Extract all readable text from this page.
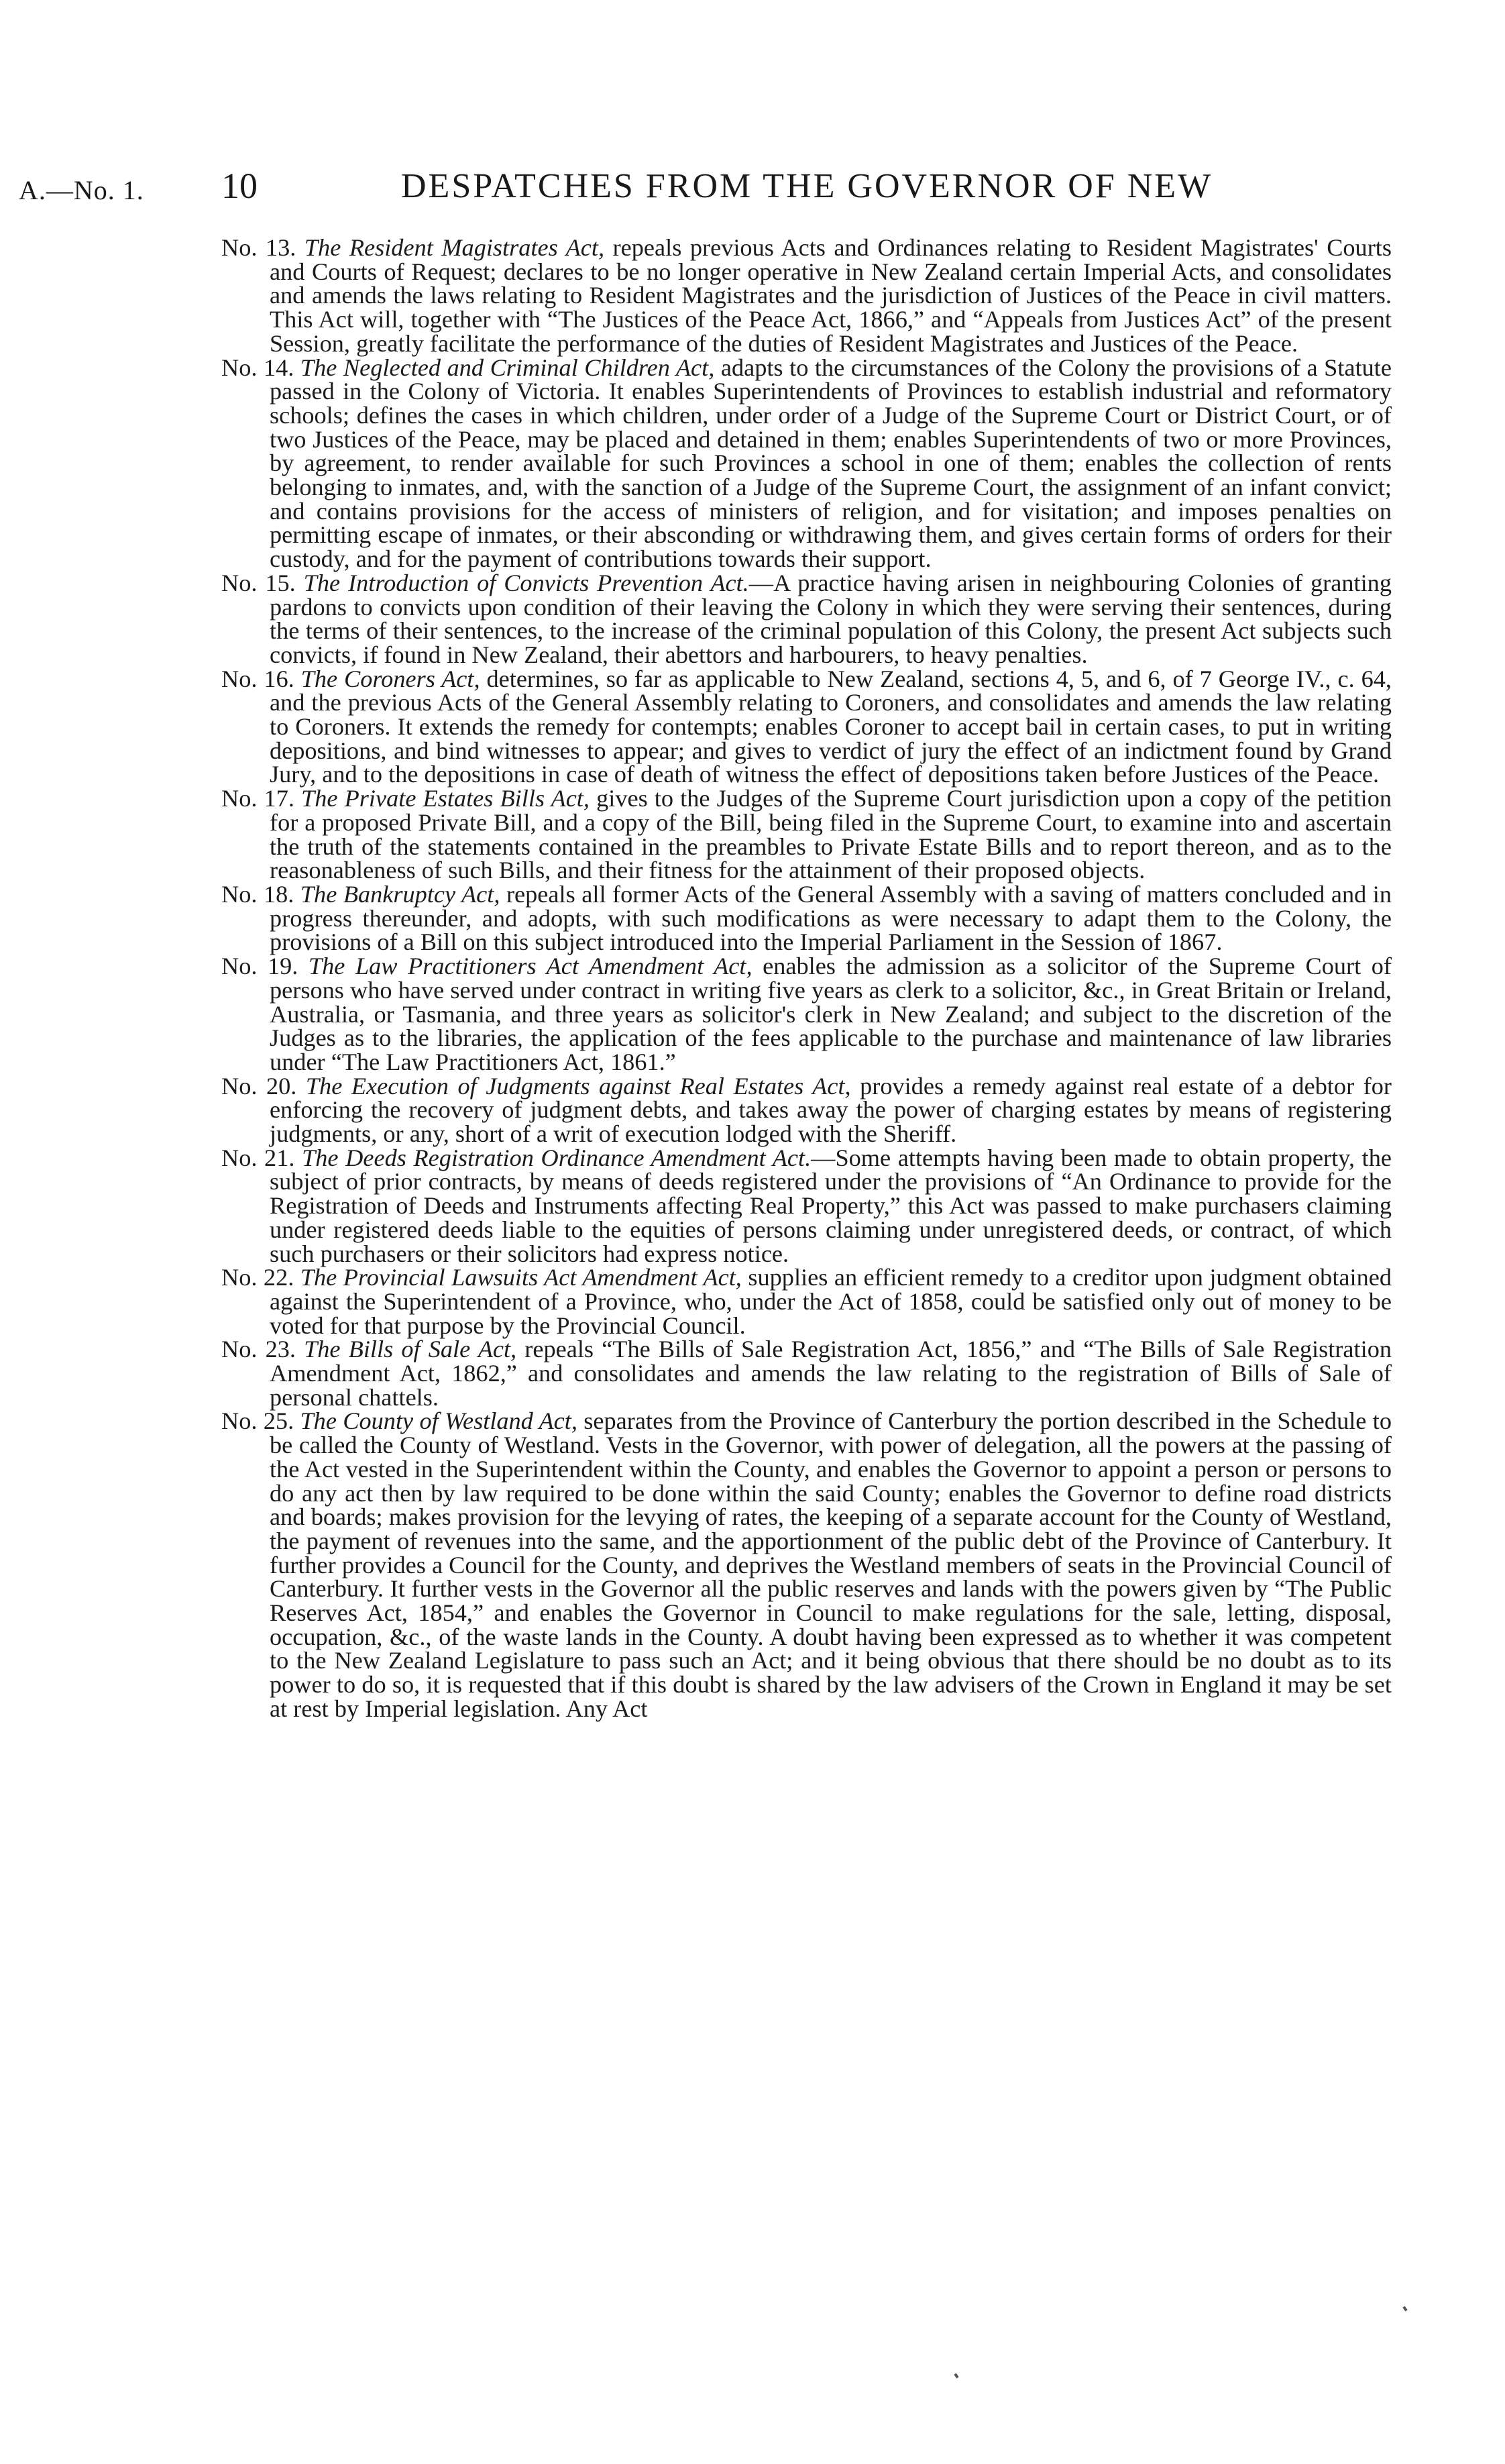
A.—No. 1. 10	DESPATCHES FROM THE GOVERNOR OF NEW

No. 13. The Resident Magistrates Act, repeals previous Acts and Ordinances relating to Resident Magistrates' Courts and Courts of Request; declares to be no longer operative in New Zealand certain Imperial Acts, and consolidates and amends the laws relating to Resident Magistrates and the jurisdiction of Justices of the Peace in civil matters. This Act will, together with “The Justices of the Peace Act, 1866,” and “Appeals from Justices Act” of the present Session, greatly facilitate the performance of the duties of Resident Magistrates and Justices of the Peace.

No. 14. The Neglected and Criminal Children Act, adapts to the circumstances of the Colony the provisions of a Statute passed in the Colony of Victoria. It enables Superintendents of Provinces to establish industrial and reformatory schools; defines the cases in which children, under order of a Judge of the Supreme Court or District Court, or of two Justices of the Peace, may be placed and detained in them; enables Superintendents of two or more Provinces, by agreement, to render available for such Provinces a school in one of them; enables the collection of rents belonging to inmates, and, with the sanction of a Judge of the Supreme Court, the assignment of an infant convict; and contains provisions for the access of ministers of religion, and for visitation; and imposes penalties on permitting escape of inmates, or their absconding or withdrawing them, and gives certain forms of orders for their custody, and for the payment of contributions towards their support.

No. 15. The Introduction of Convicts Prevention Act.—A practice having arisen in neighbouring Colonies of granting pardons to convicts upon condition of their leaving the Colony in which they were serving their sentences, during the terms of their sentences, to the increase of the criminal population of this Colony, the present Act subjects such convicts, if found in New Zealand, their abettors and harbourers, to heavy penalties.

No. 16. The Coroners Act, determines, so far as applicable to New Zealand, sections 4, 5, and 6, of 7 George IV., c. 64, and the previous Acts of the General Assembly relating to Coroners, and consolidates and amends the law relating to Coroners. It extends the remedy for contempts; enables Coroner to accept bail in certain cases, to put in writing depositions, and bind witnesses to appear; and gives to verdict of jury the effect of an indictment found by Grand Jury, and to the depositions in case of death of witness the effect of depositions taken before Justices of the Peace.

No. 17. The Private Estates Bills Act, gives to the Judges of the Supreme Court jurisdiction upon a copy of the petition for a proposed Private Bill, and a copy of the Bill, being filed in the Supreme Court, to examine into and ascertain the truth of the statements contained in the preambles to Private Estate Bills and to report thereon, and as to the reasonableness of such Bills, and their fitness for the attainment of their proposed objects.

No. 18. The Bankruptcy Act, repeals all former Acts of the General Assembly with a saving of matters concluded and in progress thereunder, and adopts, with such modifications as were necessary to adapt them to the Colony, the provisions of a Bill on this subject introduced into the Imperial Parliament in the Session of 1867.

No. 19. The Law Practitioners Act Amendment Act, enables the admission as a solicitor of the Supreme Court of persons who have served under contract in writing five years as clerk to a solicitor, &c., in Great Britain or Ireland, Australia, or Tasmania, and three years as solicitor's clerk in New Zealand; and subject to the discretion of the Judges as to the libraries, the application of the fees applicable to the purchase and maintenance of law libraries under “The Law Practitioners Act, 1861.”

No. 20. The Execution of Judgments against Real Estates Act, provides a remedy against real estate of a debtor for enforcing the recovery of judgment debts, and takes away the power of charging estates by means of registering judgments, or any, short of a writ of execution lodged with the Sheriff.

No. 21. The Deeds Registration Ordinance Amendment Act.—Some attempts having been made to obtain property, the subject of prior contracts, by means of deeds registered under the provisions of “An Ordinance to provide for the Registration of Deeds and Instruments affecting Real Property,” this Act was passed to make purchasers claiming under registered deeds liable to the equities of persons claiming under unregistered deeds, or contract, of which such purchasers or their solicitors had express notice.

No. 22. The Provincial Lawsuits Act Amendment Act, supplies an efficient remedy to a creditor upon judgment obtained against the Superintendent of a Province, who, under the Act of 1858, could be satisfied only out of money to be voted for that purpose by the Provincial Council.

No. 23. The Bills of Sale Act, repeals “The Bills of Sale Registration Act, 1856,” and “The Bills of Sale Registration Amendment Act, 1862,” and consolidates and amends the law relating to the registration of Bills of Sale of personal chattels.

No. 25. The County of Westland Act, separates from the Province of Canterbury the portion described in the Schedule to be called the County of Westland. Vests in the Governor, with power of delegation, all the powers at the passing of the Act vested in the Superintendent within the County, and enables the Governor to appoint a person or persons to do any act then by law required to be done within the said County; enables the Governor to define road districts and boards; makes provision for the levying of rates, the keeping of a separate account for the County of Westland, the payment of revenues into the same, and the apportionment of the public debt of the Province of Canterbury. It further provides a Council for the County, and deprives the Westland members of seats in the Provincial Council of Canterbury. It further vests in the Governor all the public reserves and lands with the powers given by “The Public Reserves Act, 1854,” and enables the Governor in Council to make regulations for the sale, letting, disposal, occupation, &c., of the waste lands in the County. A doubt having been expressed as to whether it was competent to the New Zealand Legislature to pass such an Act; and it being obvious that there should be no doubt as to its power to do so, it is requested that if this doubt is shared by the law advisers of the Crown in England it may be set at rest by Imperial legislation. Any Act
